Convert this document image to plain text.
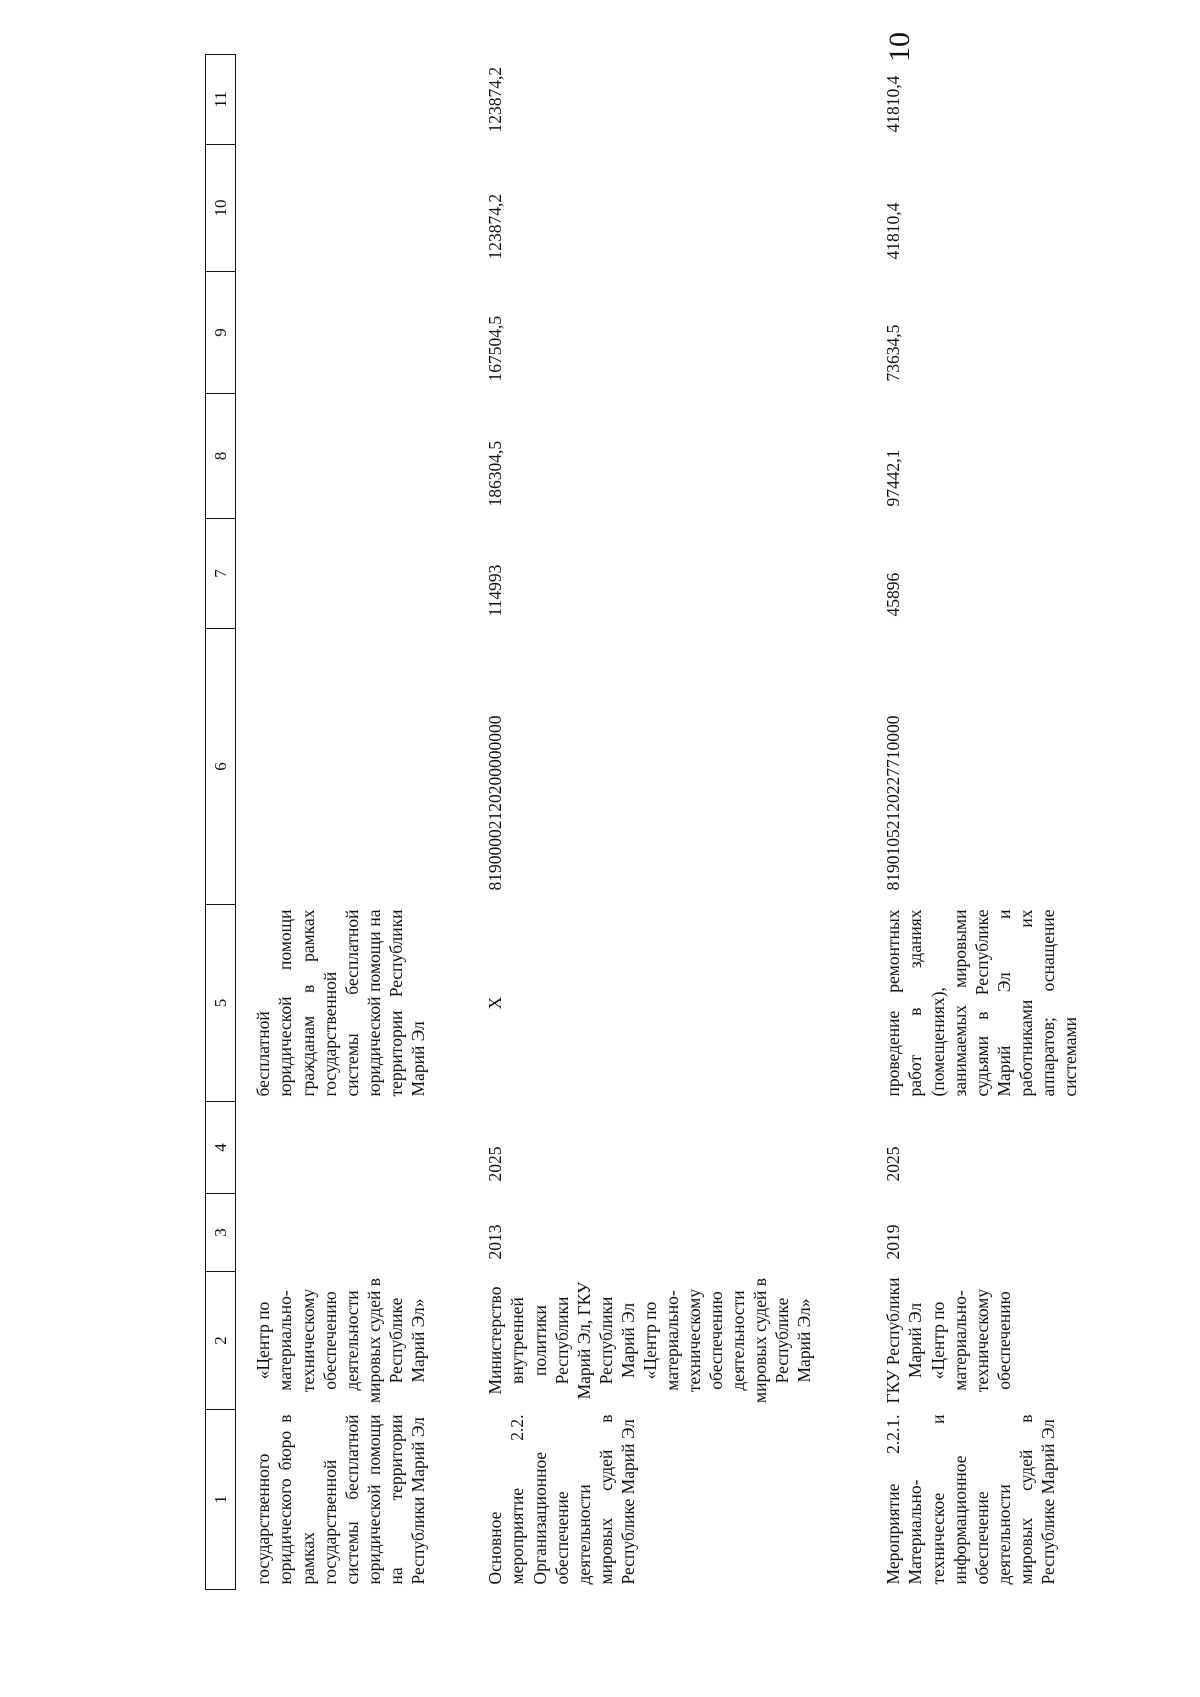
10
1	2	3	4	5	6	7	8	9	10	11
государственного юридического бюро в рамках государственной системы бесплатной юридической помощи на территории Республики Марий Эл	«Центр по материально-техническому обеспечению деятельности мировых судей в Республике Марий Эл»			бесплатной юридической помощи гражданам в рамках государственной системы бесплатной юридической помощи на территории Республики Марий Эл						
Основное мероприятие 2.2. Организационное обеспечение деятельности мировых судей в Республике Марий Эл	Министерство внутренней политики Республики Марий Эл, ГКУ Республики Марий Эл «Центр по материально-техническому обеспечению деятельности мировых судей в Республике Марий Эл»	2013	2025	X	81900002120200000000	114993	186304,5	167504,5	123874,2	123874,2
Мероприятие 2.2.1. Материально-техническое и информационное обеспечение деятельности мировых судей в Республике Марий Эл	ГКУ Республики Марий Эл «Центр по материально-техническому обеспечению	2019	2025	проведение ремонтных работ в зданиях (помещениях), занимаемых мировыми судьями в Республике Марий Эл и работниками их аппаратов; оснащение системами	81901052120227710000	45896	97442,1	73634,5	41810,4	41810,4
